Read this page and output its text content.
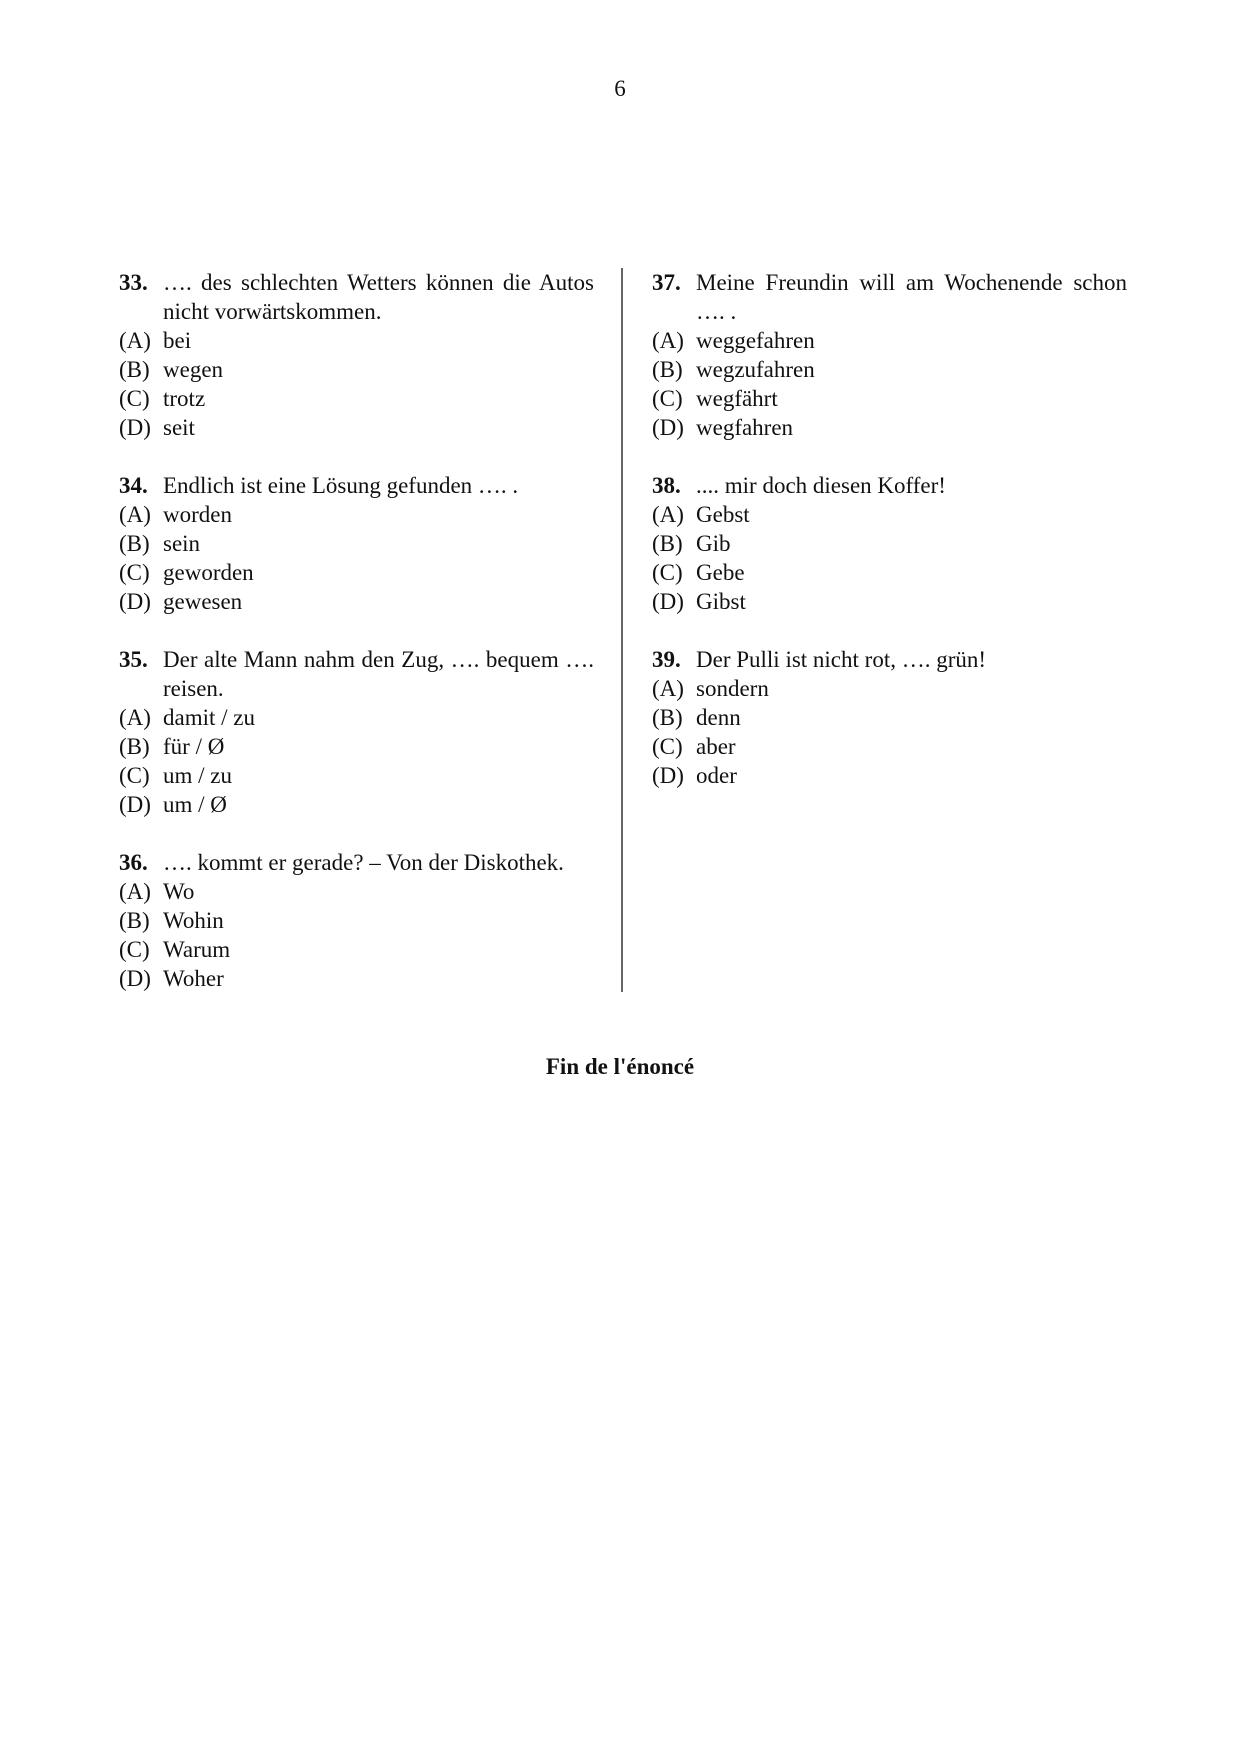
6
33. …. des schlechten Wetters können die Autos nicht vorwärtskommen.
(A) bei
(B) wegen
(C) trotz
(D) seit
34. Endlich ist eine Lösung gefunden …. .
(A) worden
(B) sein
(C) geworden
(D) gewesen
35. Der alte Mann nahm den Zug, …. bequem …. reisen.
(A) damit / zu
(B) für / Ø
(C) um / zu
(D) um / Ø
36. …. kommt er gerade? – Von der Diskothek.
(A) Wo
(B) Wohin
(C) Warum
(D) Woher
37. Meine Freundin will am Wochenende schon …. .
(A) weggefahren
(B) wegzufahren
(C) wegfährt
(D) wegfahren
38. .... mir doch diesen Koffer!
(A) Gebst
(B) Gib
(C) Gebe
(D) Gibst
39. Der Pulli ist nicht rot, …. grün!
(A) sondern
(B) denn
(C) aber
(D) oder
Fin de l'énoncé
